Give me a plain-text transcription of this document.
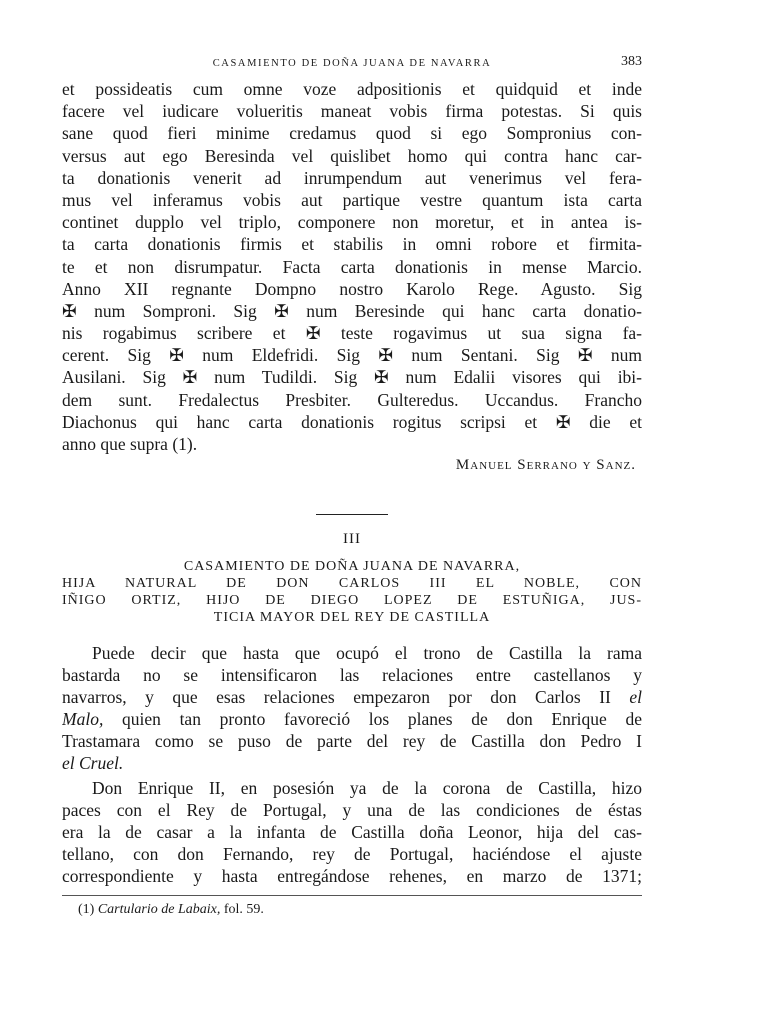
CASAMIENTO DE DOÑA JUANA DE NAVARRA	383
et possideatis cum omne voze adpositionis et quidquid et inde
facere vel iudicare volueritis maneat vobis firma potestas. Si quis
sane quod fieri minime credamus quod si ego Sompronius con-
versus aut ego Beresinda vel quislibet homo qui contra hanc car-
ta donationis venerit ad inrumpendum aut venerimus vel fera-
mus vel inferamus vobis aut partique vestre quantum ista carta
continet dupplo vel triplo, componere non moretur, et in antea is-
ta carta donationis firmis et stabilis in omni robore et firmita-
te et non disrumpatur. Facta carta donationis in mense Marcio.
Anno XII regnante Dompno nostro Karolo Rege. Agusto. Sig
✠ num Somproni. Sig ✠ num Beresinde qui hanc carta donatio-
nis rogabimus scribere et ✠ teste rogavimus ut sua signa fa-
cerent. Sig ✠ num Eldefridi. Sig ✠ num Sentani. Sig ✠ num
Ausilani. Sig ✠ num Tudildi. Sig ✠ num Edalii visores qui ibi-
dem sunt. Fredalectus Presbiter. Gulteredus. Uccandus. Francho
Diachonus qui hanc carta donationis rogitus scripsi et ✠ die et
anno que supra (1).
Manuel Serrano y Sanz.
III
CASAMIENTO DE DOÑA JUANA DE NAVARRA,
HIJA NATURAL DE DON CARLOS III EL NOBLE, CON
IÑIGO ORTIZ, HIJO DE DIEGO LOPEZ DE ESTUÑIGA, JUS-
TICIA MAYOR DEL REY DE CASTILLA
Puede decir que hasta que ocupó el trono de Castilla la rama
bastarda no se intensificaron las relaciones entre castellanos y
navarros, y que esas relaciones empezaron por don Carlos II el
Malo, quien tan pronto favoreció los planes de don Enrique de
Trastamara como se puso de parte del rey de Castilla don Pedro I
el Cruel.
Don Enrique II, en posesión ya de la corona de Castilla, hizo
paces con el Rey de Portugal, y una de las condiciones de éstas
era la de casar a la infanta de Castilla doña Leonor, hija del cas-
tellano, con don Fernando, rey de Portugal, haciéndose el ajuste
correspondiente y hasta entregándose rehenes, en marzo de 1371;
(1) Cartulario de Labaix, fol. 59.
